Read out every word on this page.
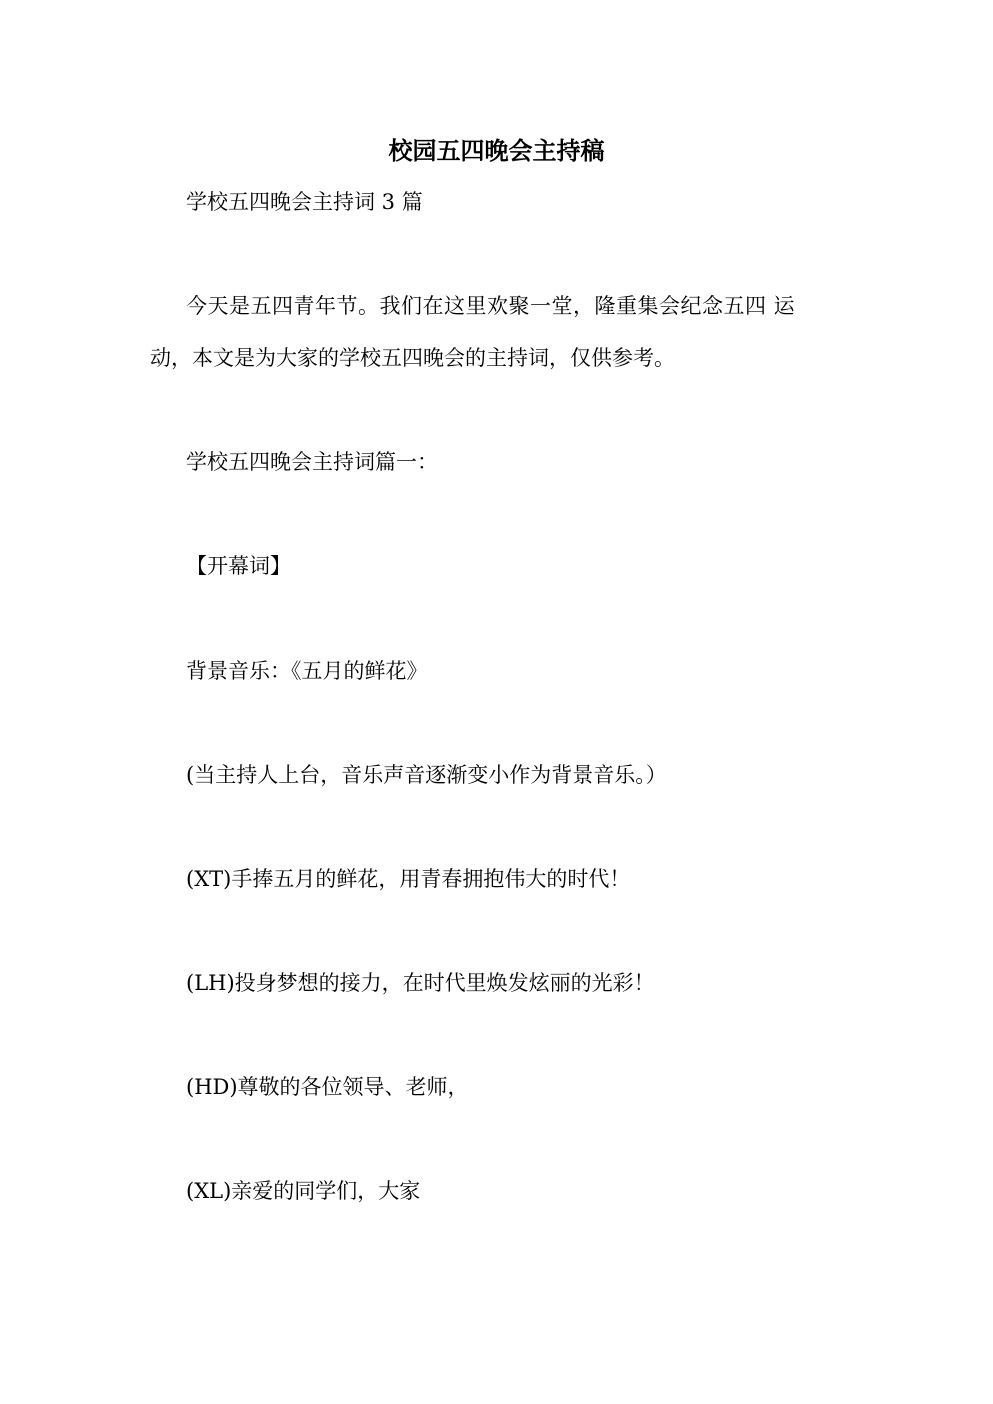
校园五四晚会主持稿
学校五四晚会主持词 3 篇
今天是五四青年节。我们在这里欢聚一堂，隆重集会纪念五四 运
动，本文是为大家的学校五四晚会的主持词，仅供参考。
学校五四晚会主持词篇一：
【开幕词】
背景音乐：《五月的鲜花》
(当主持人上台，音乐声音逐渐变小作为背景音乐。）
(XT)手捧五月的鲜花，用青春拥抱伟大的时代！
(LH)投身梦想的接力，在时代里焕发炫丽的光彩！
(HD)尊敬的各位领导、老师，
(XL)亲爱的同学们，大家
